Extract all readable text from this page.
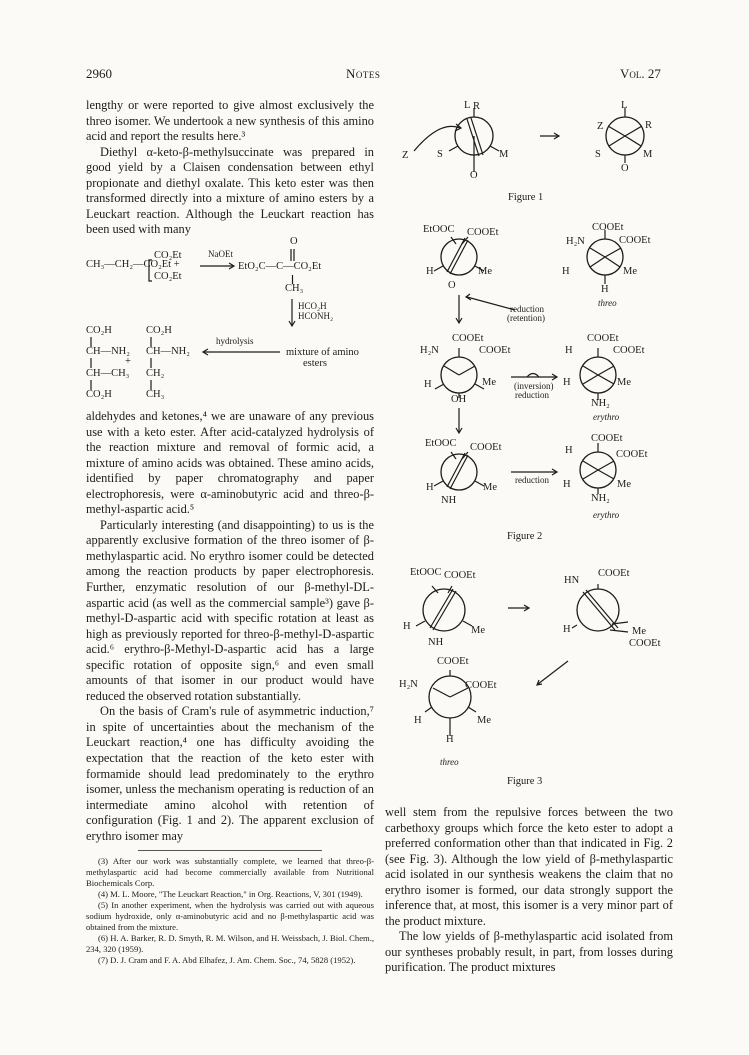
2960	Notes	Vol. 27

lengthy or were reported to give almost exclusively the threo isomer. We undertook a new synthesis of this amino acid and report the results here.³

Diethyl α-keto-β-methylsuccinate was prepared in good yield by a Claisen condensation between ethyl propionate and diethyl oxalate. This keto ester was then transformed directly into a mixture of amino esters by a Leuckart reaction. Although the Leuckart reaction has been used with many

CO₂Et	NaOEt
O
CH₃—CH₂—CO₂Et +
CO₂Et
EtO₂C—C—CO₂Et
CH₃
HCO₂H
HCONH₂
CO₂H
CH—NH₂
CH—CH₃
CO₂H
+
CO₂H
CH—NH₂
CH₂
CH₃
hydrolysis
mixture of amino
esters

aldehydes and ketones,⁴ we are unaware of any previous use with a keto ester. After acid-catalyzed hydrolysis of the reaction mixture and removal of formic acid, a mixture of amino acids was obtained. These amino acids, identified by paper chromatography and paper electrophoresis, were α-aminobutyric acid and threo-β-methyl-aspartic acid.⁵

Particularly interesting (and disappointing) to us is the apparently exclusive formation of the threo isomer of β-methylaspartic acid. No erythro isomer could be detected among the reaction products by paper electrophoresis. Further, enzymatic resolution of our β-methyl-DL-aspartic acid (as well as the commercial sample³) gave β-methyl-D-aspartic acid with specific rotation at least as high as previously reported for threo-β-methyl-D-aspartic acid.⁶ erythro-β-Methyl-D-aspartic acid has a large specific rotation of opposite sign,⁶ and even small amounts of that isomer in our product would have reduced the observed rotation substantially.

On the basis of Cram's rule of asymmetric induction,⁷ in spite of uncertainties about the mechanism of the Leuckart reaction,⁴ one has difficulty avoiding the expectation that the reaction of the keto ester with formamide should lead predominately to the erythro isomer, unless the mechanism operating is reduction of an intermediate amino alcohol with retention of configuration (Fig. 1 and 2). The apparent exclusion of erythro isomer may

(3) After our work was substantially complete, we learned that threo-β-methylaspartic acid had become commercially available from Nutritional Biochemicals Corp.

(4) M. L. Moore, "The Leuckart Reaction," in Org. Reactions, V, 301 (1949).

(5) In another experiment, when the hydrolysis was carried out with aqueous sodium hydroxide, only α-aminobutyric acid and no β-methylaspartic acid was obtained from the mixture.

(6) H. A. Barker, R. D. Smyth, R. M. Wilson, and H. Weissbach, J. Biol. Chem., 234, 320 (1959).

(7) D. J. Cram and F. A. Abd Elhafez, J. Am. Chem. Soc., 74, 5828 (1952).

L R
Z	S	M
O
L
Z	R
S	M
O
Figure 1
EtOOC COOEt
H	Me
O
COOEt
H₂N	COOEt
H	Me
H
threo
reduction
(retention)
COOEt
H₂N	COOEt
H	Me
OH
(inversion)
reduction
COOEt
H	COOEt
H	Me
NH₂
erythro
EtOOC COOEt
H	Me
NH
reduction
COOEt
H	COOEt
H	Me
NH₂
erythro
Figure 2
EtOOC COOEt
H	Me
NH
HN
COOEt
H	Me
COOEt
COOEt
H₂N	COOEt
H	Me
H
threo
Figure 3

well stem from the repulsive forces between the two carbethoxy groups which force the keto ester to adopt a preferred conformation other than that indicated in Fig. 2 (see Fig. 3). Although the low yield of β-methylaspartic acid isolated in our synthesis weakens the claim that no erythro isomer is formed, our data strongly support the inference that, at most, this isomer is a very minor part of the product mixture.

The low yields of β-methylaspartic acid isolated from our syntheses probably result, in part, from losses during purification. The product mixtures
